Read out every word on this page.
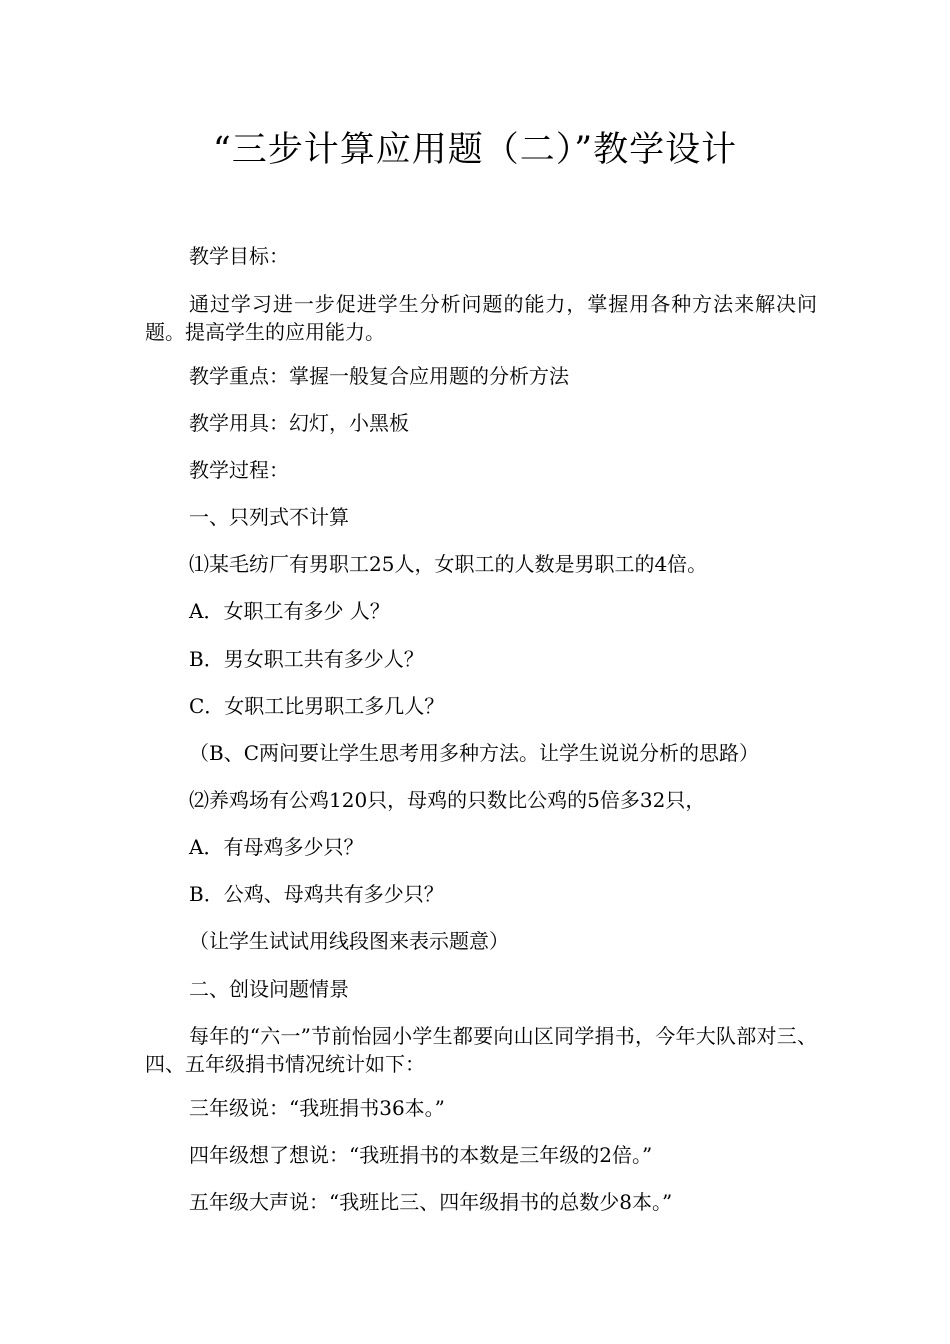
“三步计算应用题（二）”教学设计
教学目标：
通过学习进一步促进学生分析问题的能力，掌握用各种方法来解决问题。提高学生的应用能力。
教学重点：掌握一般复合应用题的分析方法
教学用具：幻灯，小黑板
教学过程：
一、只列式不计算
⑴某毛纺厂有男职工25人，女职工的人数是男职工的4倍。
A．女职工有多少 人？
B．男女职工共有多少人？
C．女职工比男职工多几人？
（B、C两问要让学生思考用多种方法。让学生说说分析的思路）
⑵养鸡场有公鸡120只，母鸡的只数比公鸡的5倍多32只，
A．有母鸡多少只？
B．公鸡、母鸡共有多少只？
（让学生试试用线段图来表示题意）
二、创设问题情景
每年的“六一”节前怡园小学生都要向山区同学捐书，今年大队部对三、四、五年级捐书情况统计如下：
三年级说：“我班捐书36本。”
四年级想了想说：“我班捐书的本数是三年级的2倍。”
五年级大声说：“我班比三、四年级捐书的总数少8本。”
